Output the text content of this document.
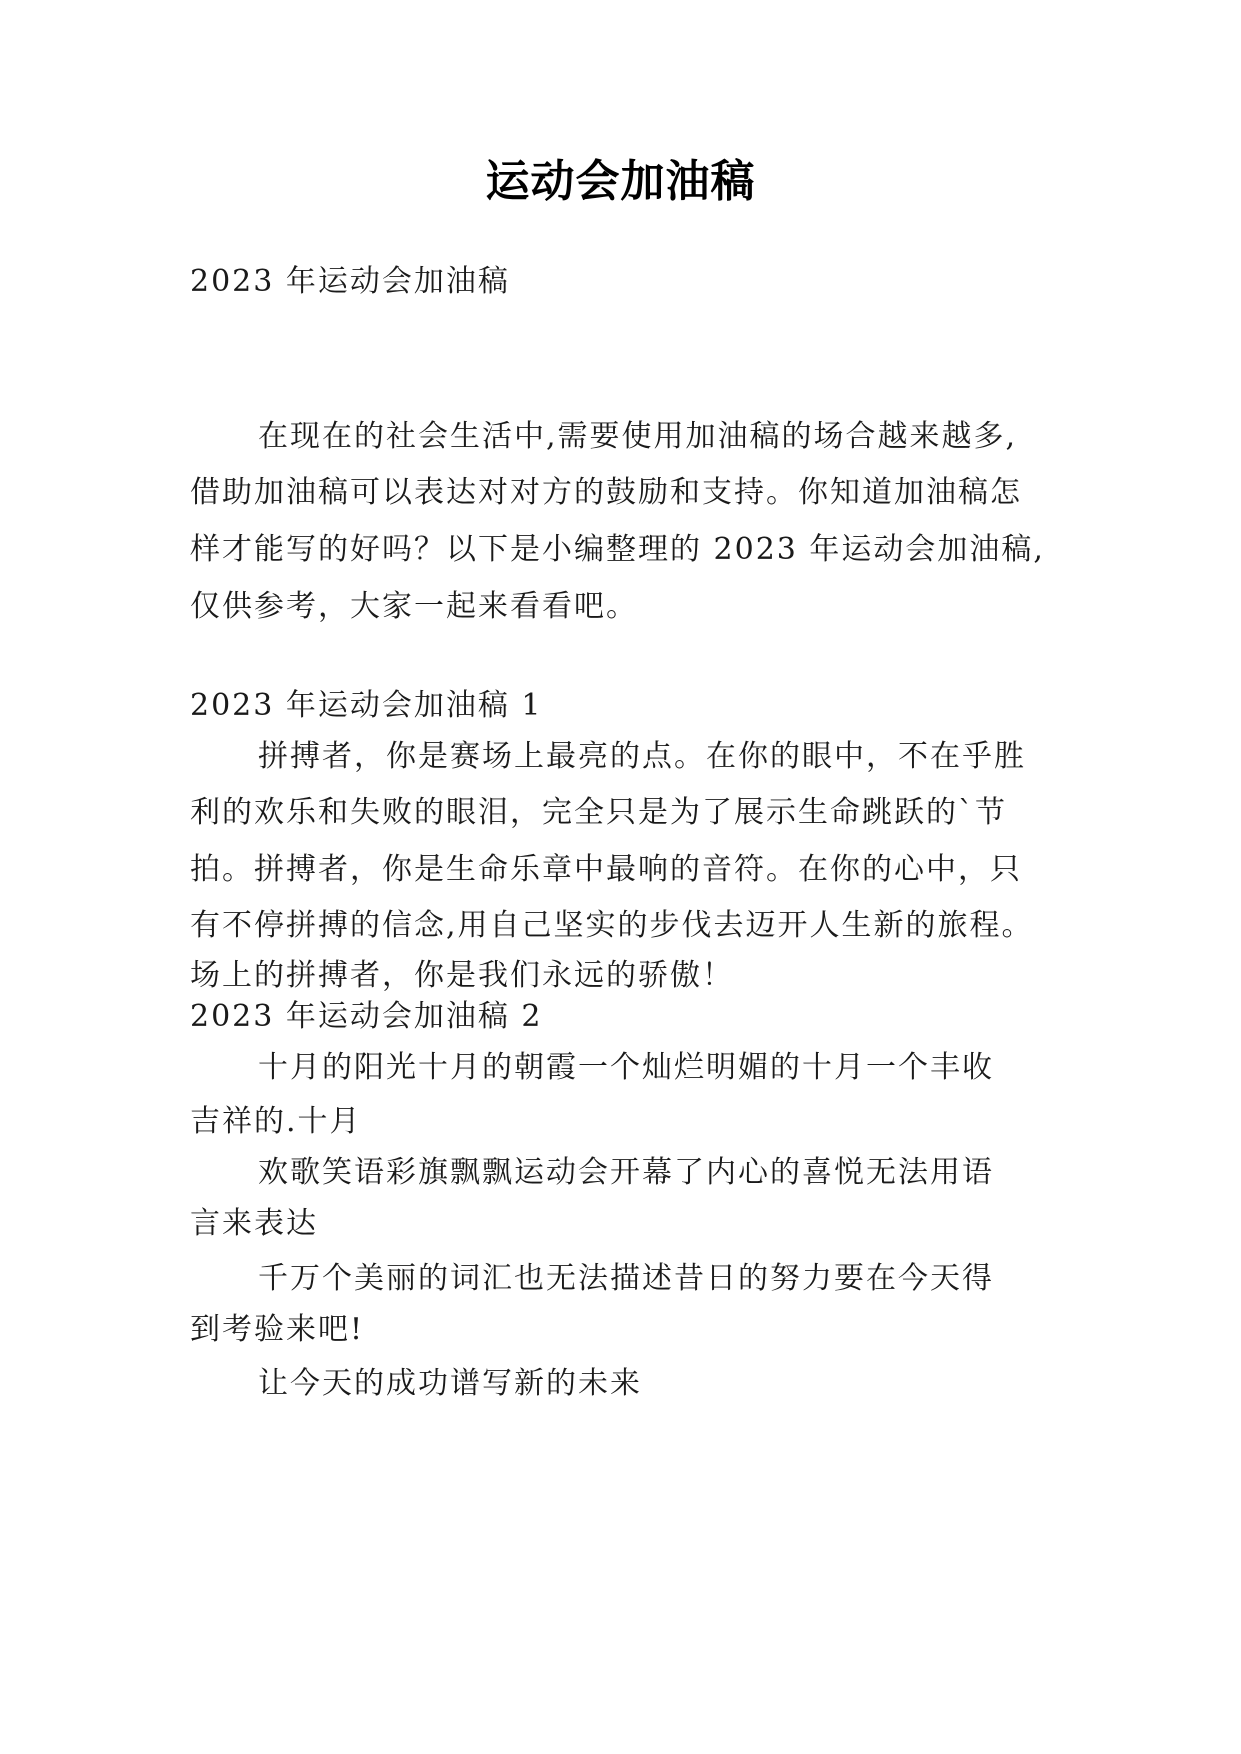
运动会加油稿
2023 年运动会加油稿
在现在的社会生活中,需要使用加油稿的场合越来越多,
借助加油稿可以表达对对方的鼓励和支持。你知道加油稿怎
样才能写的好吗？以下是小编整理的 2023 年运动会加油稿,
仅供参考，大家一起来看看吧。
2023 年运动会加油稿 1
拼搏者，你是赛场上最亮的点。在你的眼中，不在乎胜
利的欢乐和失败的眼泪，完全只是为了展示生命跳跃的`节
拍。拼搏者，你是生命乐章中最响的音符。在你的心中，只
有不停拼搏的信念,用自己坚实的步伐去迈开人生新的旅程。
场上的拼搏者，你是我们永远的骄傲！
2023 年运动会加油稿 2
十月的阳光十月的朝霞一个灿烂明媚的十月一个丰收
吉祥的.十月
欢歌笑语彩旗飘飘运动会开幕了内心的喜悦无法用语
言来表达
千万个美丽的词汇也无法描述昔日的努力要在今天得
到考验来吧!
让今天的成功谱写新的未来
